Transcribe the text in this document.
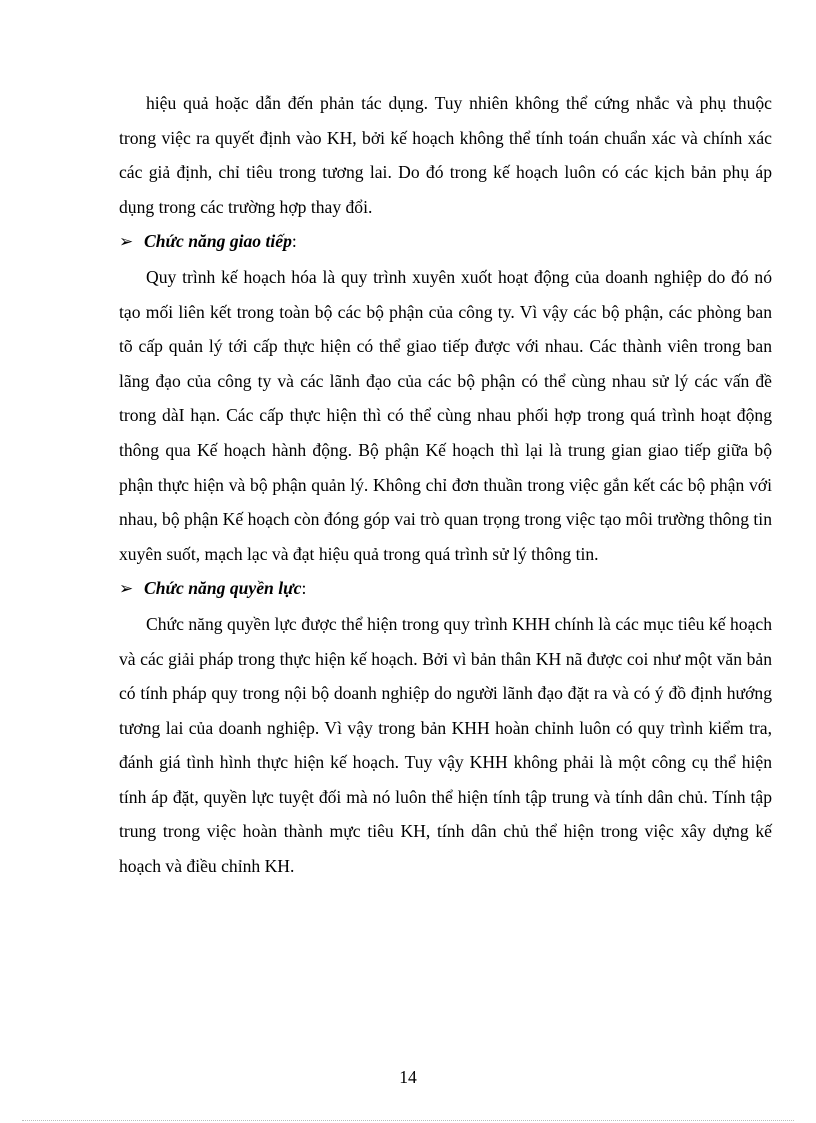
hiệu quả hoặc dẫn đến phản tác dụng. Tuy nhiên không thể cứng nhắc và phụ thuộc trong việc ra quyết định vào KH, bởi kế hoạch không thể tính toán chuẩn xác và chính xác các giả định, chỉ tiêu trong tương lai. Do đó trong kế hoạch luôn có các kịch bản phụ áp dụng trong các trường hợp thay đổi.

➢ Chức năng giao tiếp :

Quy trình kế hoạch hóa là quy trình xuyên xuốt hoạt động của doanh nghiệp do đó nó tạo mối liên kết trong toàn bộ các bộ phận của công ty. Vì vậy các bộ phận, các phòng ban tõ cấp quản lý tới cấp thực hiện có thể giao tiếp được với nhau. Các thành viên trong ban lãng đạo của công ty và các lãnh đạo của các bộ phận có thể cùng nhau sử lý các vấn đề trong dàI hạn. Các cấp thực hiện thì có thể cùng nhau phối hợp trong quá trình hoạt động thông qua Kế hoạch hành động. Bộ phận Kế hoạch thì lại là trung gian giao tiếp giữa bộ phận thực hiện và bộ phận quản lý. Không chỉ đơn thuần trong việc gắn kết các bộ phận với nhau, bộ phận Kế hoạch còn đóng góp vai trò quan trọng trong việc tạo môi trường thông tin xuyên suốt, mạch lạc và đạt hiệu quả trong quá trình sử lý thông tin.

➢ Chức năng quyền lực :

Chức năng quyền lực được thể hiện trong quy trình KHH chính là các mục tiêu kế hoạch và các giải pháp trong thực hiện kế hoạch. Bởi vì bản thân KH nã được coi như một văn bản có tính pháp quy trong nội bộ doanh nghiệp do người lãnh đạo đặt ra và có ý đồ định hướng tương lai của doanh nghiệp. Vì vậy trong bản KHH hoàn chỉnh luôn có quy trình kiểm tra, đánh giá tình hình thực hiện kế hoạch. Tuy vậy KHH không phải là một công cụ thể hiện tính áp đặt, quyền lực tuyệt đối mà nó luôn thể hiện tính tập trung và tính dân chủ. Tính tập trung trong việc hoàn thành mực tiêu KH, tính dân chủ thể hiện trong việc xây dựng kế hoạch và điều chỉnh KH.

14
